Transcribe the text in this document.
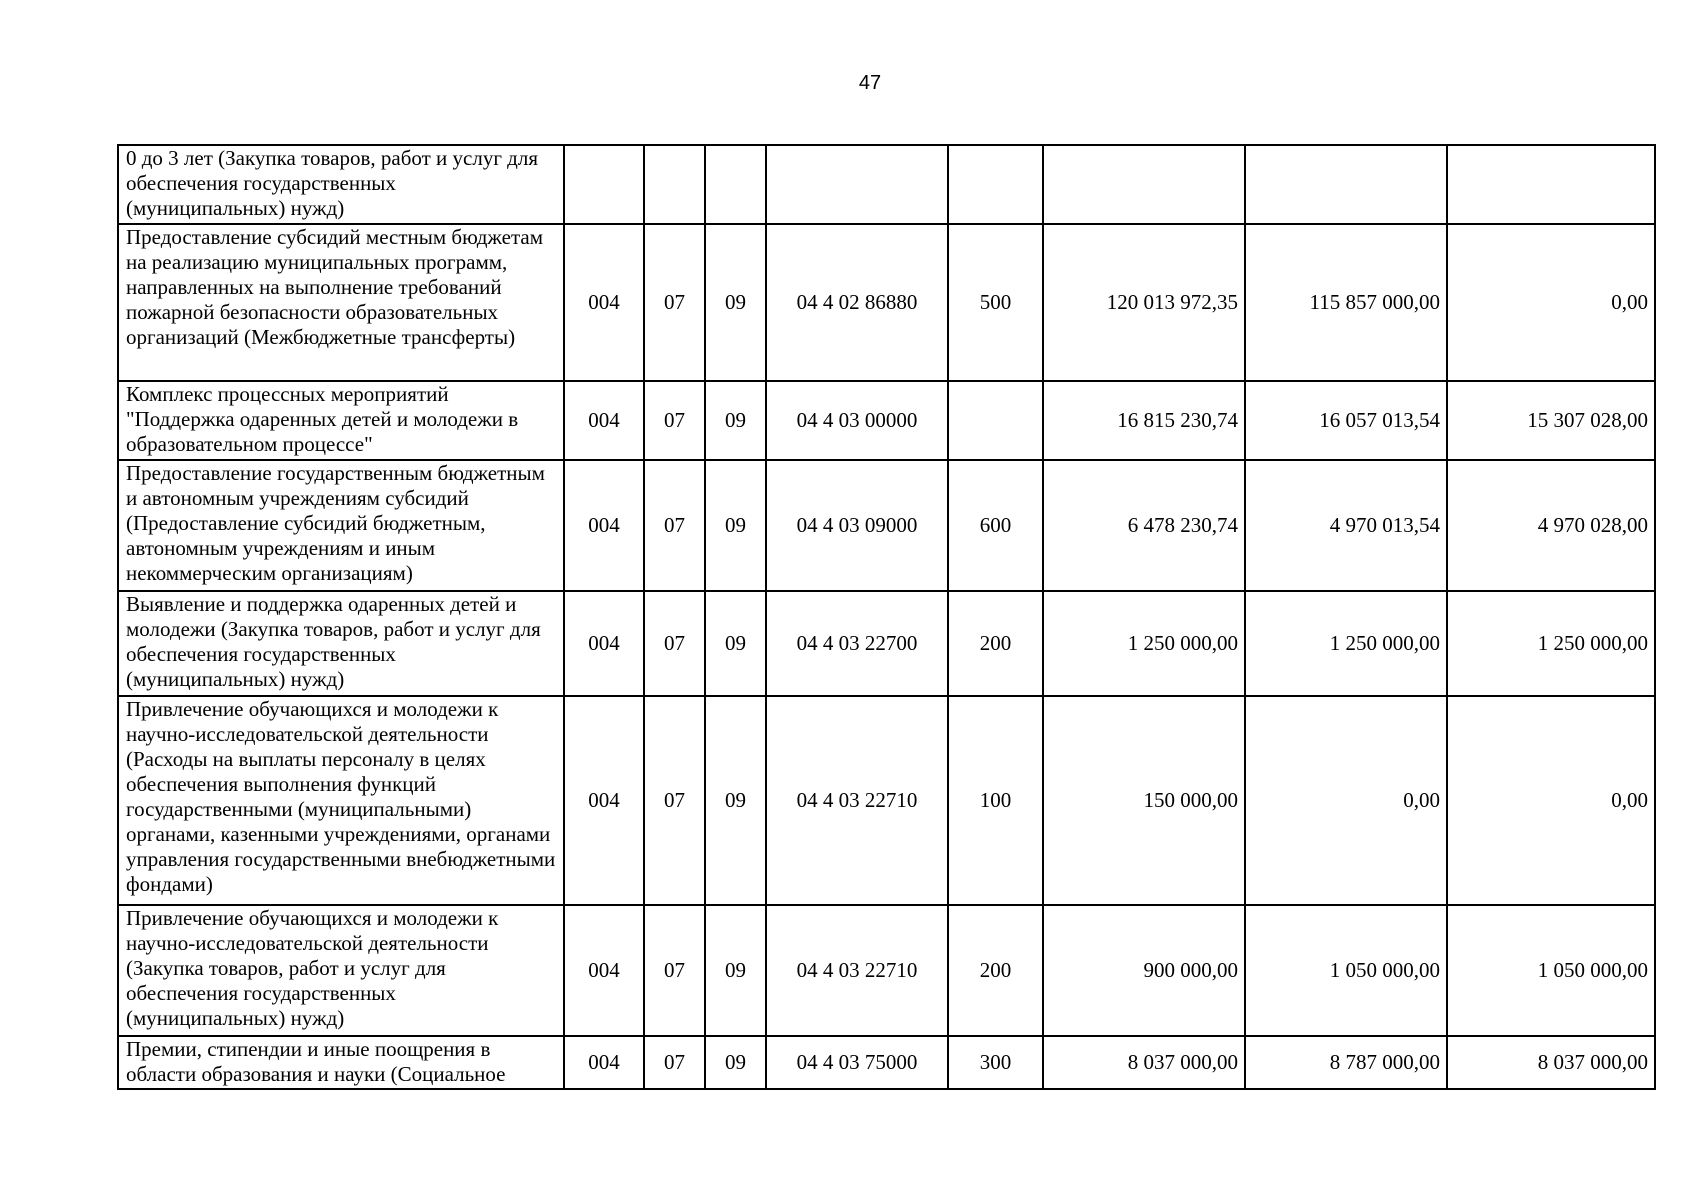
47
0 до 3 лет (Закупка товаров, работ и услуг для обеспечения государственных (муниципальных) нужд)								
Предоставление субсидий местным бюджетам на реализацию муниципальных программ, направленных на выполнение требований пожарной безопасности образовательных организаций (Межбюджетные трансферты)	004	07	09	04 4 02 86880	500	120 013 972,35	115 857 000,00	0,00
Комплекс процессных мероприятий "Поддержка одаренных детей и молодежи в образовательном процессе"	004	07	09	04 4 03 00000		16 815 230,74	16 057 013,54	15 307 028,00
Предоставление государственным бюджетным и автономным учреждениям субсидий (Предоставление субсидий бюджетным, автономным учреждениям и иным некоммерческим организациям)	004	07	09	04 4 03 09000	600	6 478 230,74	4 970 013,54	4 970 028,00
Выявление и поддержка одаренных детей и молодежи (Закупка товаров, работ и услуг для обеспечения государственных (муниципальных) нужд)	004	07	09	04 4 03 22700	200	1 250 000,00	1 250 000,00	1 250 000,00
Привлечение обучающихся и молодежи к научно-исследовательской деятельности (Расходы на выплаты персоналу в целях обеспечения выполнения функций государственными (муниципальными) органами, казенными учреждениями, органами управления государственными внебюджетными фондами)	004	07	09	04 4 03 22710	100	150 000,00	0,00	0,00
Привлечение обучающихся и молодежи к научно-исследовательской деятельности (Закупка товаров, работ и услуг для обеспечения государственных (муниципальных) нужд)	004	07	09	04 4 03 22710	200	900 000,00	1 050 000,00	1 050 000,00
Премии, стипендии и иные поощрения в области образования и науки (Социальное	004	07	09	04 4 03 75000	300	8 037 000,00	8 787 000,00	8 037 000,00
